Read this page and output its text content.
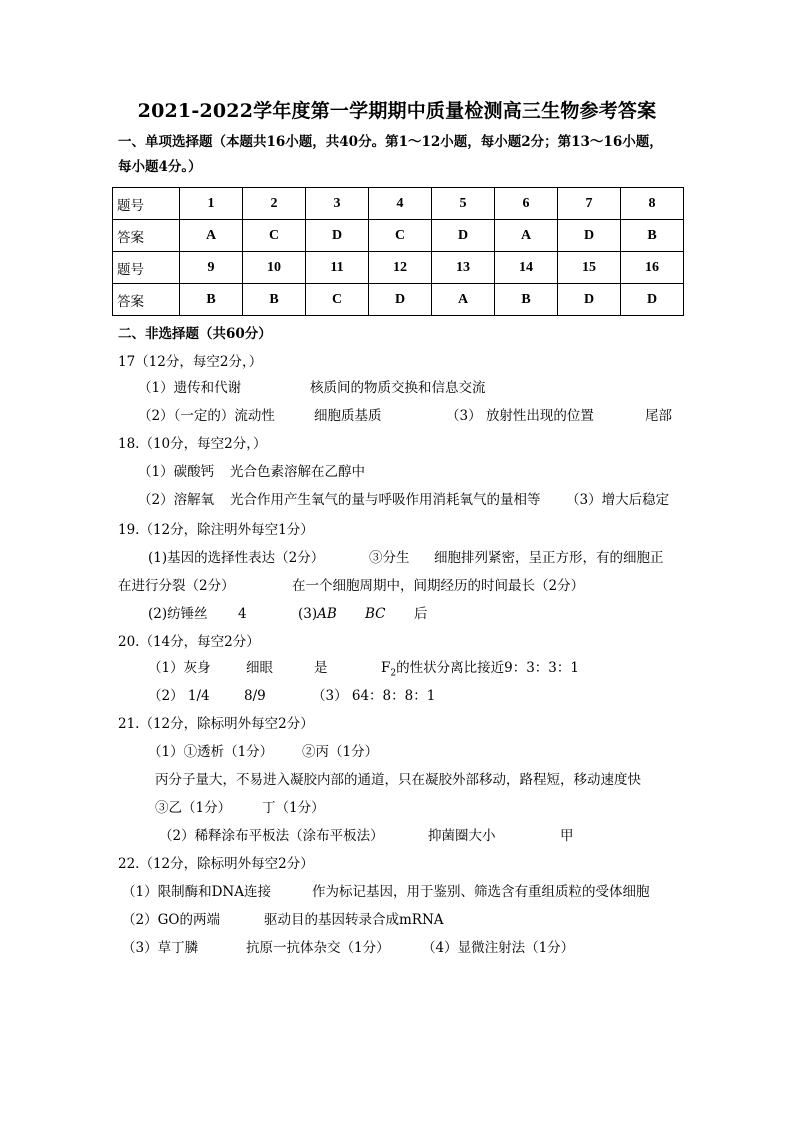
2021-2022学年度第一学期期中质量检测高三生物参考答案
一、单项选择题（本题共16小题，共40分。第1～12小题，每小题2分；第13～16小题，
每小题4分。）
题号	1	2	3	4	5	6	7	8
答案	A	C	D	C	D	A	D	B
题号	9	10	11	12	13	14	15	16
答案	B	B	C	D	A	B	D	D
二、非选择题（共60分）
17（12分，每空2分，）
（1）遗传和代谢	核质间的物质交换和信息交流
（2）（一定的）流动性	细胞质基质	（3） 放射性出现的位置	尾部
18.（10分，每空2分，）
（1）碳酸钙 光合色素溶解在乙醇中
（2）溶解氧 光合作用产生氧气的量与呼吸作用消耗氧气的量相等 （3）增大后稳定
19.（12分，除注明外每空1分）
(1)基因的选择性表达（2分）	③分生 细胞排列紧密，呈正方形，有的细胞正
在进行分裂（2分）	在一个细胞周期中，间期经历的时间最长（2分）
(2)纺锤丝 4	(3)AB BC 后
20.（14分，每空2分）
（1）灰身	细眼	是	$F_2$的性状分离比接近9：3：3：1
（2） 1/4	8/9	（3） 64：8：8：1
21.（12分，除标明外每空2分）
（1）①透析（1分） ②丙（1分）
丙分子量大，不易进入凝胶内部的通道，只在凝胶外部移动，路程短，移动速度快
③乙（1分） 丁（1分）
（2）稀释涂布平板法（涂布平板法）	抑菌圈大小	甲
22.（12分，除标明外每空2分）
（1）限制酶和DNA连接	作为标记基因，用于鉴别、筛选含有重组质粒的受体细胞
（2）GO的两端	驱动目的基因转录合成mRNA
（3）草丁膦	抗原一抗体杂交（1分） （4）显微注射法（1分）
